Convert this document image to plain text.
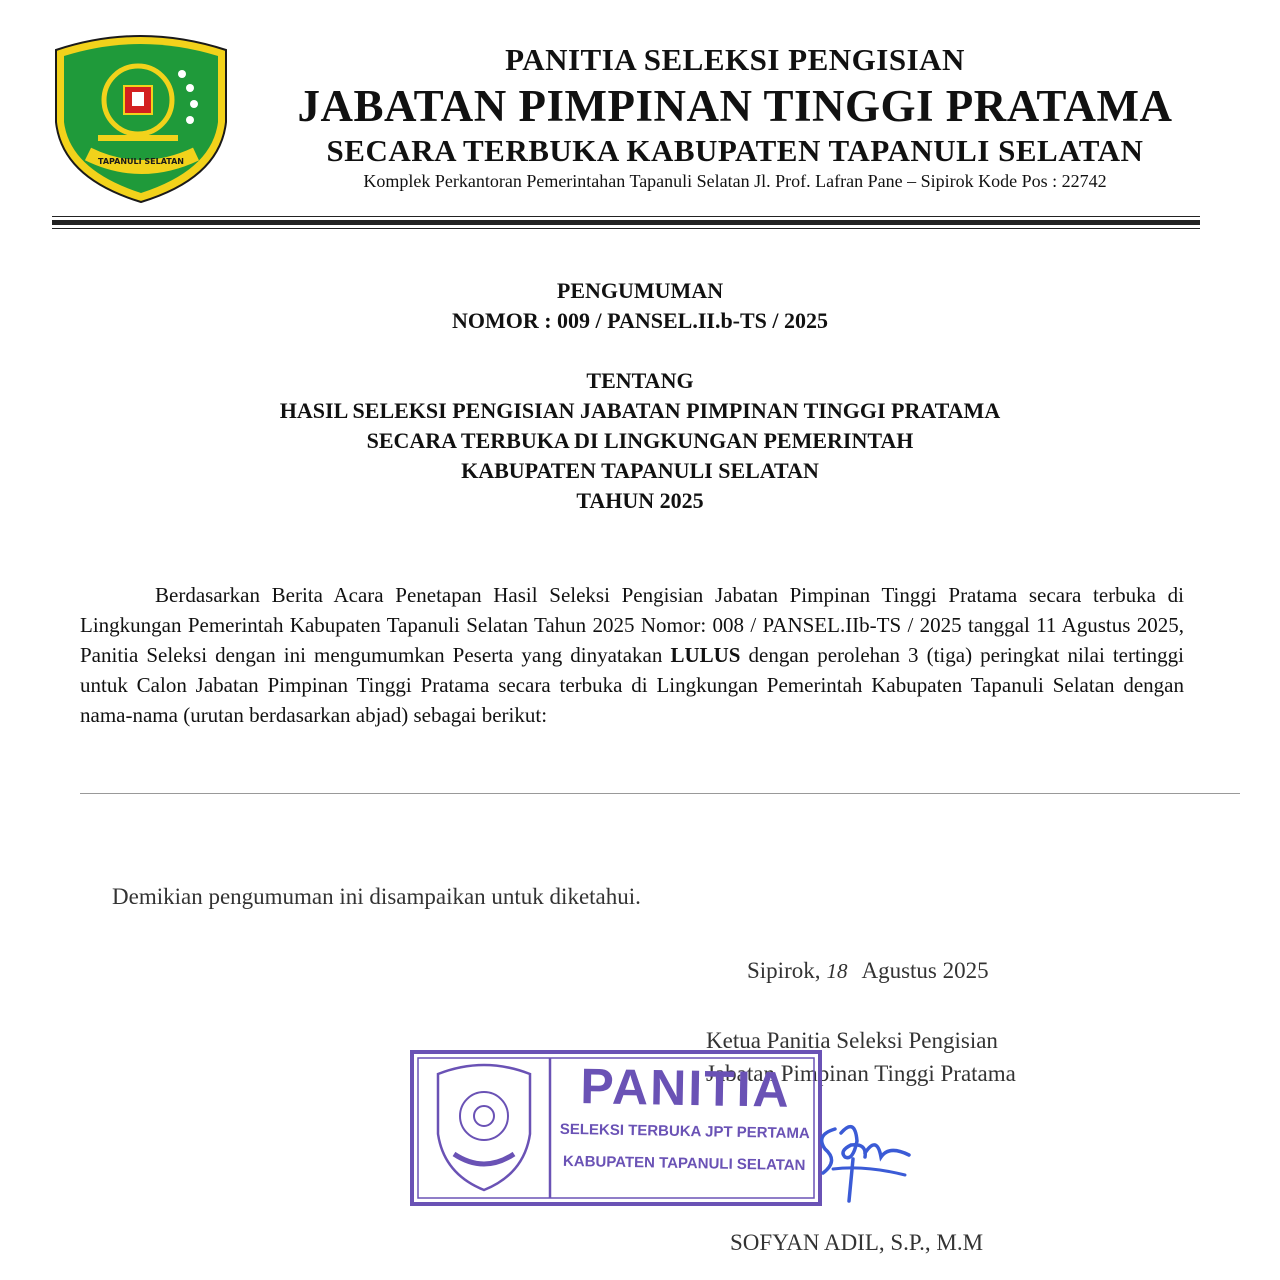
TAPANULI SELATAN
PANITIA SELEKSI PENGISIAN
JABATAN PIMPINAN TINGGI PRATAMA
SECARA TERBUKA KABUPATEN TAPANULI SELATAN
Komplek Perkantoran Pemerintahan Tapanuli Selatan Jl. Prof. Lafran Pane – Sipirok Kode Pos : 22742
PENGUMUMAN
NOMOR : 009 / PANSEL.II.b-TS / 2025
TENTANG
HASIL SELEKSI PENGISIAN JABATAN PIMPINAN TINGGI PRATAMA
SECARA TERBUKA DI LINGKUNGAN PEMERINTAH
KABUPATEN TAPANULI SELATAN
TAHUN 2025
Berdasarkan Berita Acara Penetapan Hasil Seleksi Pengisian Jabatan Pimpinan Tinggi Pratama secara terbuka di Lingkungan Pemerintah Kabupaten Tapanuli Selatan Tahun 2025 Nomor: 008 / PANSEL.IIb-TS / 2025 tanggal 11 Agustus 2025, Panitia Seleksi dengan ini mengumumkan Peserta yang dinyatakan LULUS dengan perolehan 3 (tiga) peringkat nilai tertinggi untuk Calon Jabatan Pimpinan Tinggi Pratama secara terbuka di Lingkungan Pemerintah Kabupaten Tapanuli Selatan dengan nama-nama (urutan berdasarkan abjad) sebagai berikut:
Demikian pengumuman ini disampaikan untuk diketahui.
Sipirok, 18 Agustus 2025
Ketua Panitia Seleksi Pengisian
Jabatan Pimpinan Tinggi Pratama
PANITIA
SELEKSI TERBUKA JPT PERTAMA
KABUPATEN TAPANULI SELATAN
SOFYAN ADIL, S.P., M.M
